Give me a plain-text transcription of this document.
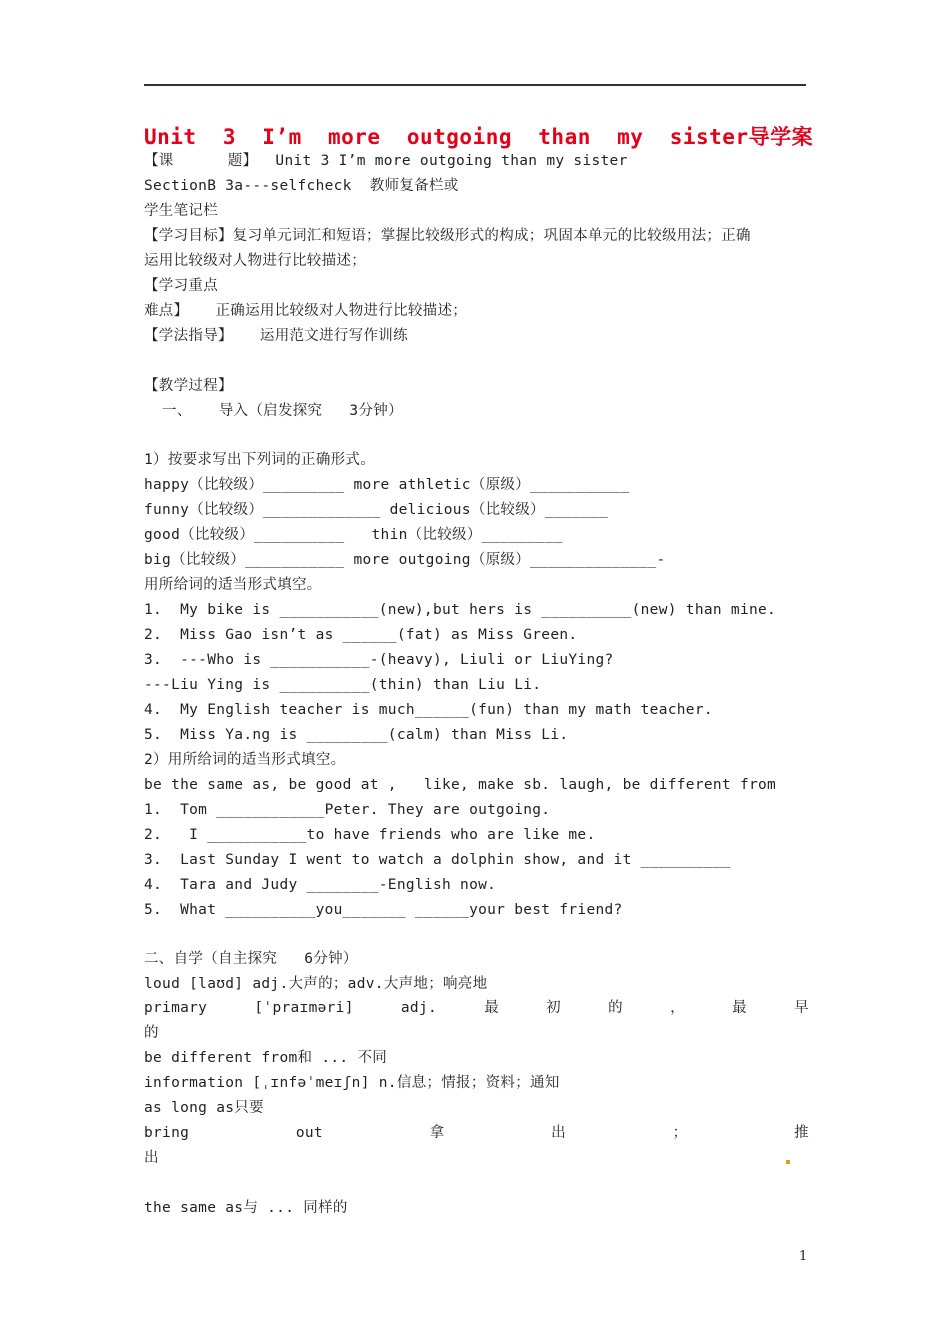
Unit  3  I’m  more  outgoing  than  my  sister导学案
【课      题】  Unit 3 I’m more outgoing than my sister
SectionB 3a---selfcheck  教师复备栏或
学生笔记栏
【学习目标】复习单元词汇和短语；掌握比较级形式的构成；巩固本单元的比较级用法；正确
运用比较级对人物进行比较描述；
【学习重点
难点】   正确运用比较级对人物进行比较描述；
【学法指导】   运用范文进行写作训练
【教学过程】
一、   导入（启发探究   3分钟）
1）按要求写出下列词的正确形式。
happy（比较级）_________ more athletic（原级）___________
funny（比较级）_____________ delicious（比较级）_______
good（比较级）__________   thin（比较级）_________
big（比较级）___________ more outgoing（原级）______________-
用所给词的适当形式填空。
1.  My bike is ___________(new),but hers is __________(new) than mine.
2.  Miss Gao isn’t as ______(fat) as Miss Green.
3.  ---Who is ___________-(heavy), Liuli or LiuYing?
---Liu Ying is __________(thin) than Liu Li.
4.  My English teacher is much______(fun) than my math teacher.
5.  Miss Ya.ng is _________(calm) than Miss Li.
2）用所给词的适当形式填空。
be the same as, be good at ,   like, make sb. laugh, be different from
1.  Tom ____________Peter. They are outgoing.
2.   I ___________to have friends who are like me.
3.  Last Sunday I went to watch a dolphin show, and it __________
4.  Tara and Judy ________-English now.
5.  What __________you_______ ______your best friend?
二、自学（自主探究   6分钟）
loud [laʊd] adj.大声的；adv.大声地；响亮地
primary	[ˈpraɪməri]	adj.	最	初	的	，	最	早
的
be different from和 ... 不同
information [ˌɪnfəˈmeɪʃn] n.信息；情报；资料；通知
as long as只要
bring	out	拿	出	；	推
出
the same as与 ... 同样的
1
